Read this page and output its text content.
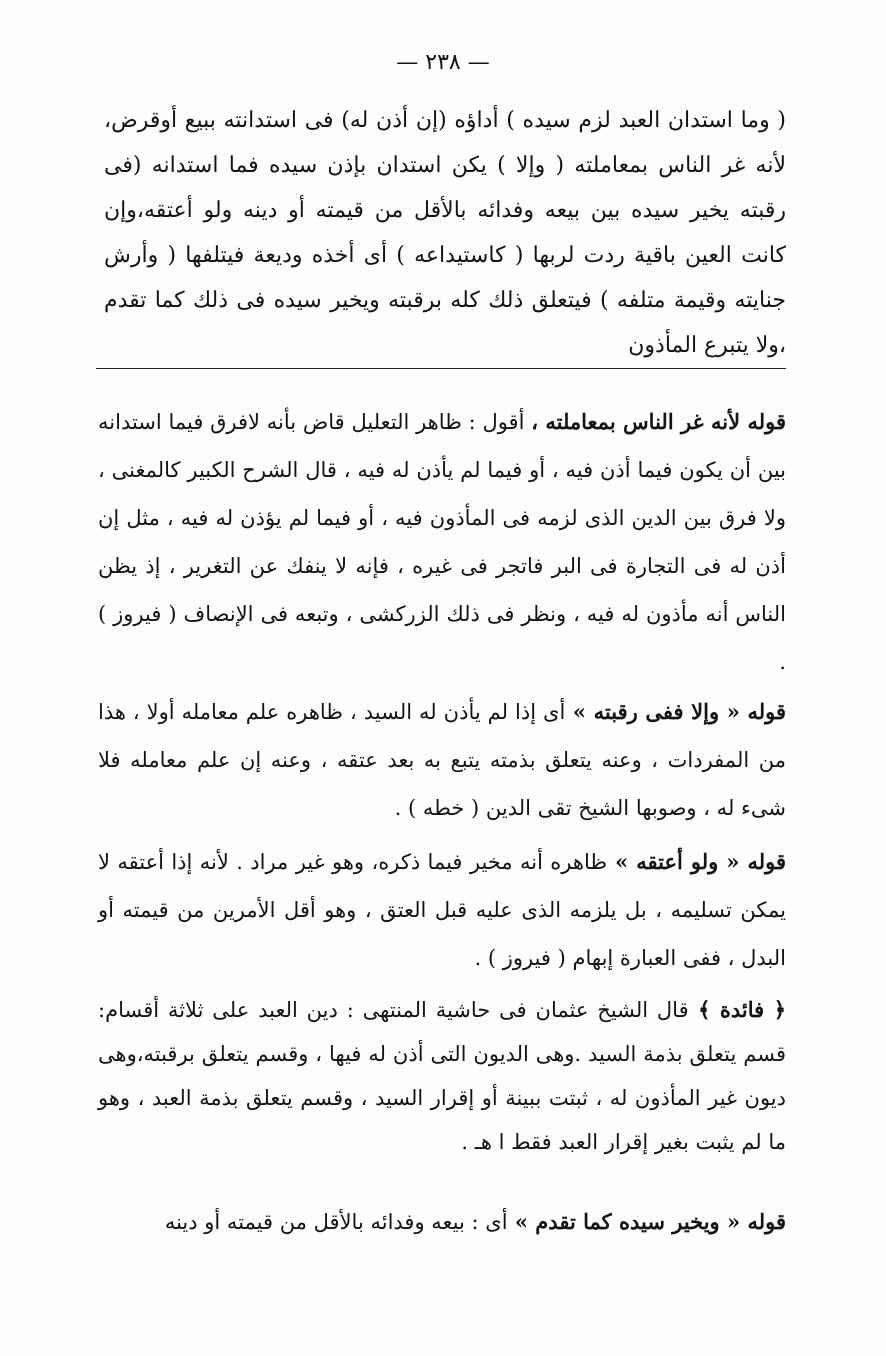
— ٢٣٨ —
( وما استدان العبد لزم سيده ) أداؤه (إن أذن له) فى استدانته ببيع أوقرض، لأنه غر الناس بمعاملته ( وإلا ) يكن استدان بإذن سيده فما استدانه (فى رقبته يخير سيده بين بيعه وفدائه بالأقل من قيمته أو دينه ولو أعتقه،وإن كانت العين باقية ردت لربها ( كاستيداعه ) أى أخذه وديعة فيتلفها ( وأرش جنايته وقيمة متلفه ) فيتعلق ذلك كله برقبته ويخير سيده فى ذلك كما تقدم ،ولا يتبرع المأذون
قوله لأنه غر الناس بمعاملته ، أقول : ظاهر التعليل قاض بأنه لافرق فيما استدانه بين أن يكون فيما أذن فيه ، أو فيما لم يأذن له فيه ، قال الشرح الكبير كالمغنى ، ولا فرق بين الدين الذى لزمه فى المأذون فيه ، أو فيما لم يؤذن له فيه ، مثل إن أذن له فى التجارة فى البر فاتجر فى غيره ، فإنه لا ينفك عن التغرير ، إذ يظن الناس أنه مأذون له فيه ، ونظر فى ذلك الزركشى ، وتبعه فى الإنصاف ( فيروز ) .
قوله « وإلا ففى رقبته » أى إذا لم يأذن له السيد ، ظاهره علم معامله أولا ، هذا من المفردات ، وعنه يتعلق بذمته يتبع به بعد عتقه ، وعنه إن علم معامله فلا شىء له ، وصوبها الشيخ تقى الدين ( خطه ) .
قوله « ولو أعتقه » ظاهره أنه مخير فيما ذكره، وهو غير مراد . لأنه إذا أعتقه لا يمكن تسليمه ، بل يلزمه الذى عليه قبل العتق ، وهو أقل الأمرين من قيمته أو البدل ، ففى العبارة إبهام ( فيروز ) .
﴿ فائدة ﴾ قال الشيخ عثمان فى حاشية المنتهى : دين العبد على ثلاثة أقسام: قسم يتعلق بذمة السيد .وهى الديون التى أذن له فيها ، وقسم يتعلق برقبته،وهى ديون غير المأذون له ، ثبتت ببينة أو إقرار السيد ، وقسم يتعلق بذمة العبد ، وهو ما لم يثبت بغير إقرار العبد فقط ا هـ .
قوله « ويخير سيده كما تقدم » أى : بيعه وفدائه بالأقل من قيمته أو دينه
